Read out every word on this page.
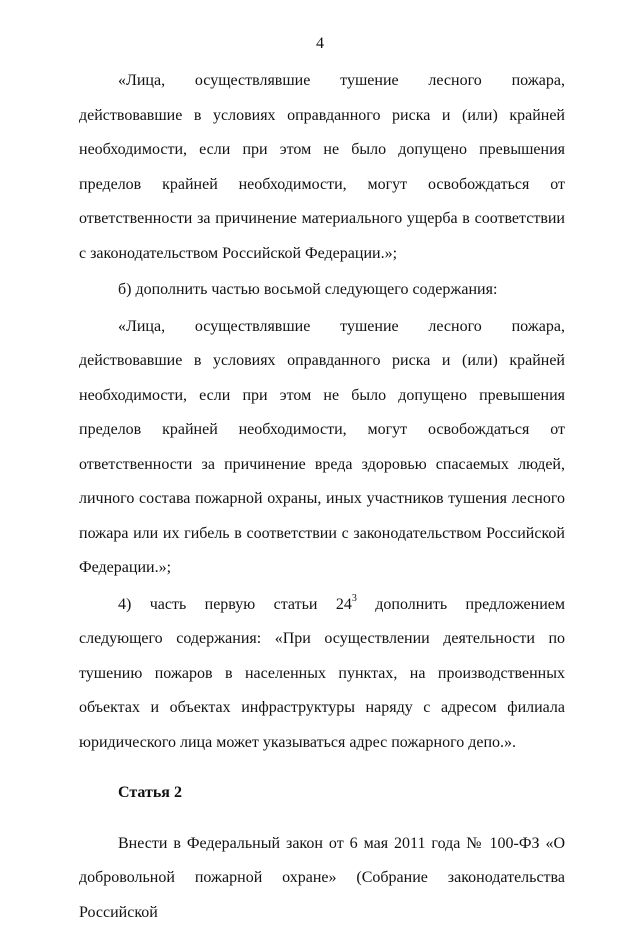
4

«Лица, осуществлявшие тушение лесного пожара, действовавшие в условиях оправданного риска и (или) крайней необходимости, если при этом не было допущено превышения пределов крайней необходимости, могут освобождаться от ответственности за причинение материального ущерба в соответствии с законодательством Российской Федерации.»;

б) дополнить частью восьмой следующего содержания:

«Лица, осуществлявшие тушение лесного пожара, действовавшие в условиях оправданного риска и (или) крайней необходимости, если при этом не было допущено превышения пределов крайней необходимости, могут освобождаться от ответственности за причинение вреда здоровью спасаемых людей, личного состава пожарной охраны, иных участников тушения лесного пожара или их гибель в соответствии с законодательством Российской Федерации.»;

4) часть первую статьи $24^3$ дополнить предложением следующего содержания: «При осуществлении деятельности по тушению пожаров в населенных пунктах, на производственных объектах и объектах инфраструктуры наряду с адресом филиала юридического лица может указываться адрес пожарного депо.».

Статья 2

Внести в Федеральный закон от 6 мая 2011 года № 100-ФЗ «О добровольной пожарной охране» (Собрание законодательства Российской
